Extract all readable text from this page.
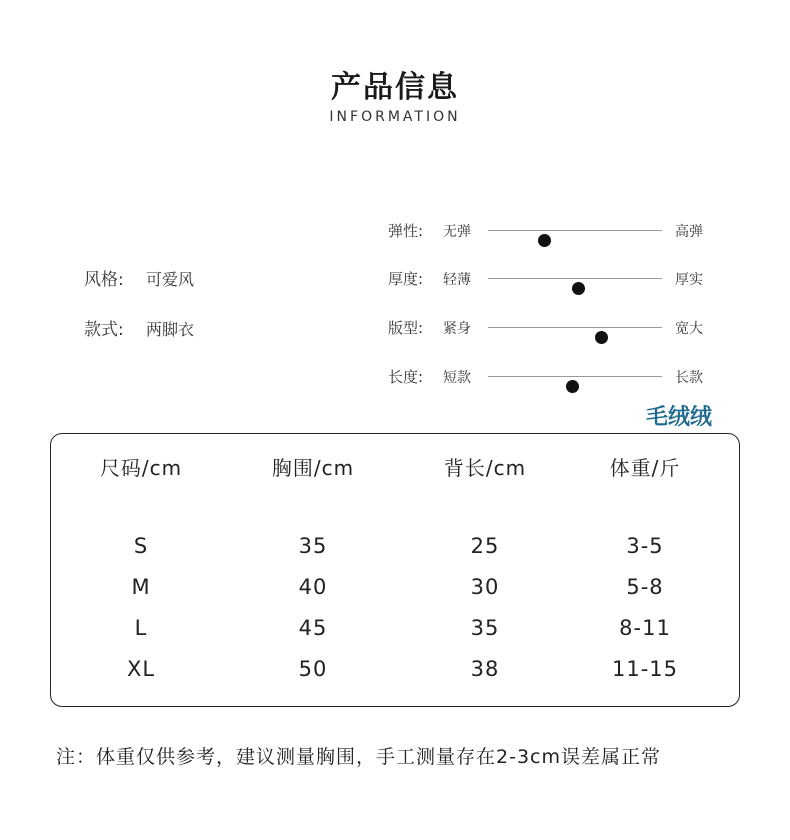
产品信息
INFORMATION
风格: 可爱风
款式: 两脚衣
弹性: 无弹	高弹
厚度: 轻薄	厚实
版型: 紧身	宽大
长度: 短款	长款
毛绒绒
尺码/cm	胸围/cm	背长/cm	体重/斤
S	35	25	3-5
M	40	30	5-8
L	45	35	8-11
XL	50	38	11-15
注：体重仅供参考，建议测量胸围，手工测量存在2-3cm误差属正常
